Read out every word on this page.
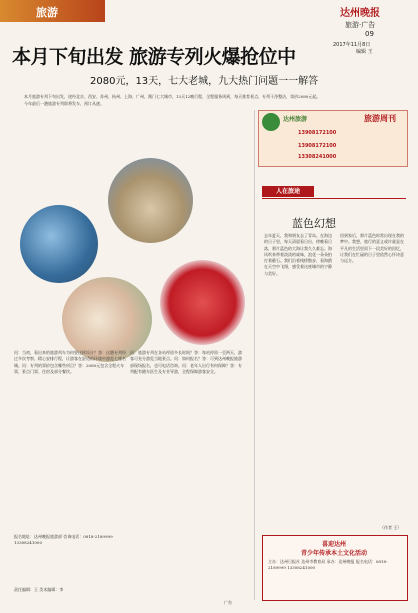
旅游	达州晚报
旅游·广告
09
2017年11月8日
编辑 王
本月下旬出发 旅游专列火爆抢位中
2080元，13天，七大老城，九大热门问题一一解答
本月旅游专列下旬出发，途经北京、西安、苏州、杭州、上海、广州、澳门七大城市，13天12晚行程，全程服务周到，每天推荐景点，专列干净整洁，票价2080元起。今年最后一趟旅游专列即将发车，预订从速。
达州旅游	旅游周刊
13908172100
13908172100
13308241000
人在旅途
蓝色幻想
去年夏天，我和朋友去了青岛。在海边的日子里，每天清晨看日出，傍晚看日落，那片蓝色的大海让我久久难忘。海风吹来带着淡淡的咸味，浪花一朵朵拍打着礁石。我们沿着栈桥散步，看海鸥在天空中飞翔，感受着这座城市的宁静与美好。
回到家后，那片蓝色时常出现在我的梦中。我想，旅行的意义或许就是在平凡的生活里留下一段美好的回忆，让我们在忙碌的日子里依然心怀诗意与远方。
（作者 王）
问：当初，看出来的旅游列车为何要这样设计？答：这趟专列经过多次考察，精心安排行程，让游客在舒适的环境中游览七座名城。问：专列的票价包含哪些项目？答：2080元包含全程火车票、景点门票、住宿及部分餐饮。
问：旅游专列在各站停留多长时间？答：每站停留一至两天，游客可充分游览当地景点。问：如何报名？答：可到达州晚报旅游部现场报名，也可电话咨询。问：老年人出行有何保障？答：专列配有随车医生及专业导游，全程保障游客安全。
报名地址：达州晚报旅游部 咨询电话：0818-2189999 13308241000
责任编辑：王 美术编辑：李
喜迎达州
青少年传承本土文化活动
主办：达州日报社 达州市教育局 承办：达州晚报 报名电话：0818-2189999 13308241000
广告
